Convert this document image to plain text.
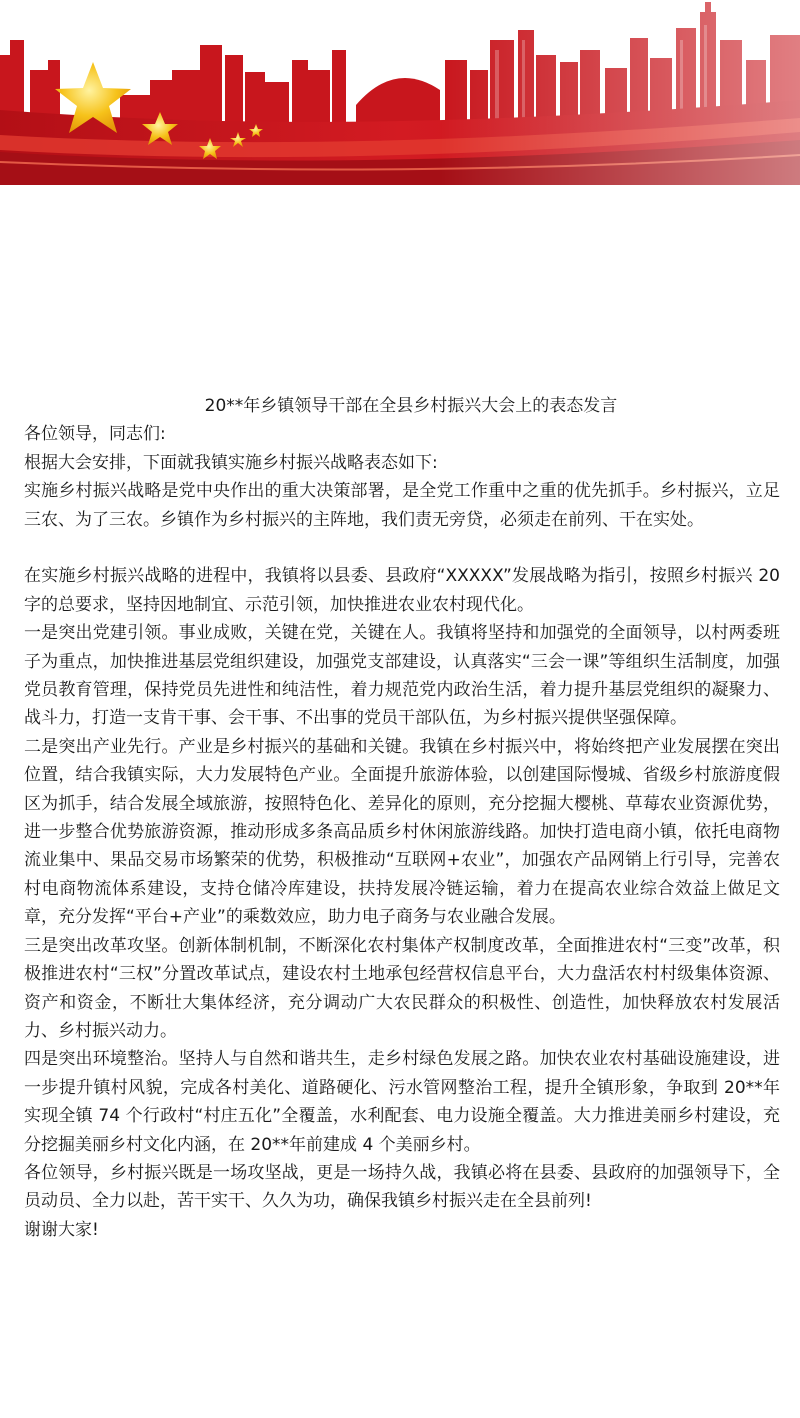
20**年乡镇领导干部在全县乡村振兴大会上的表态发言

各位领导，同志们:

根据大会安排，下面就我镇实施乡村振兴战略表态如下:

实施乡村振兴战略是党中央作出的重大决策部署，是全党工作重中之重的优先抓手。乡村振兴，立足三农、为了三农。乡镇作为乡村振兴的主阵地，我们责无旁贷，必须走在前列、干在实处。

在实施乡村振兴战略的进程中，我镇将以县委、县政府“XXXXX”发展战略为指引，按照乡村振兴 20 字的总要求，坚持因地制宜、示范引领，加快推进农业农村现代化。

一是突出党建引领。事业成败，关键在党，关键在人。我镇将坚持和加强党的全面领导，以村两委班子为重点，加快推进基层党组织建设，加强党支部建设，认真落实“三会一课”等组织生活制度，加强党员教育管理，保持党员先进性和纯洁性，着力规范党内政治生活，着力提升基层党组织的凝聚力、战斗力，打造一支肯干事、会干事、不出事的党员干部队伍，为乡村振兴提供坚强保障。

二是突出产业先行。产业是乡村振兴的基础和关键。我镇在乡村振兴中，将始终把产业发展摆在突出位置，结合我镇实际，大力发展特色产业。全面提升旅游体验，以创建国际慢城、省级乡村旅游度假区为抓手，结合发展全域旅游，按照特色化、差异化的原则，充分挖掘大樱桃、草莓农业资源优势，进一步整合优势旅游资源，推动形成多条高品质乡村休闲旅游线路。加快打造电商小镇，依托电商物流业集中、果品交易市场繁荣的优势，积极推动“互联网+农业”，加强农产品网销上行引导，完善农村电商物流体系建设，支持仓储冷库建设，扶持发展冷链运输，着力在提高农业综合效益上做足文章，充分发挥“平台+产业”的乘数效应，助力电子商务与农业融合发展。

三是突出改革攻坚。创新体制机制，不断深化农村集体产权制度改革，全面推进农村“三变”改革，积极推进农村“三权”分置改革试点，建设农村土地承包经营权信息平台，大力盘活农村村级集体资源、资产和资金，不断壮大集体经济，充分调动广大农民群众的积极性、创造性，加快释放农村发展活力、乡村振兴动力。

四是突出环境整治。坚持人与自然和谐共生，走乡村绿色发展之路。加快农业农村基础设施建设，进一步提升镇村风貌，完成各村美化、道路硬化、污水管网整治工程，提升全镇形象，争取到 20**年实现全镇 74 个行政村“村庄五化”全覆盖，水利配套、电力设施全覆盖。大力推进美丽乡村建设，充分挖掘美丽乡村文化内涵，在 20**年前建成 4 个美丽乡村。

各位领导，乡村振兴既是一场攻坚战，更是一场持久战，我镇必将在县委、县政府的加强领导下，全员动员、全力以赴，苦干实干、久久为功，确保我镇乡村振兴走在全县前列!

谢谢大家!
